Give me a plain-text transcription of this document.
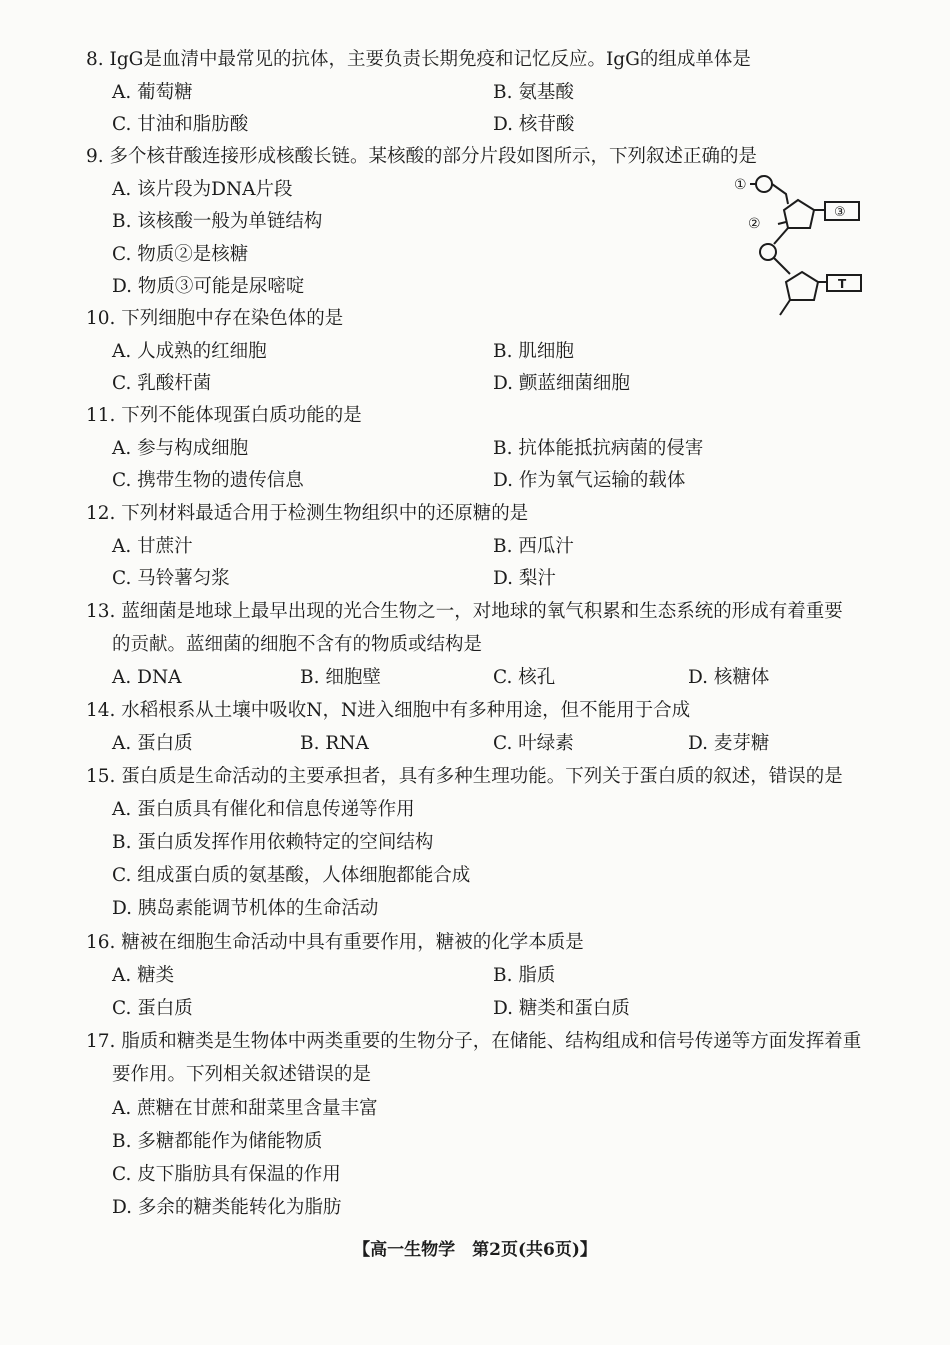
8. IgG是血清中最常见的抗体，主要负责长期免疫和记忆反应。IgG的组成单体是
A. 葡萄糖	B. 氨基酸
C. 甘油和脂肪酸	D. 核苷酸
9. 多个核苷酸连接形成核酸长链。某核酸的部分片段如图所示，下列叙述正确的是
A. 该片段为DNA片段
B. 该核酸一般为单链结构
C. 物质②是核糖
D. 物质③可能是尿嘧啶
①
②
③
T
10. 下列细胞中存在染色体的是
A. 人成熟的红细胞	B. 肌细胞
C. 乳酸杆菌	D. 颤蓝细菌细胞
11. 下列不能体现蛋白质功能的是
A. 参与构成细胞	B. 抗体能抵抗病菌的侵害
C. 携带生物的遗传信息	D. 作为氧气运输的载体
12. 下列材料最适合用于检测生物组织中的还原糖的是
A. 甘蔗汁	B. 西瓜汁
C. 马铃薯匀浆	D. 梨汁
13. 蓝细菌是地球上最早出现的光合生物之一，对地球的氧气积累和生态系统的形成有着重要
的贡献。蓝细菌的细胞不含有的物质或结构是
A. DNA	B. 细胞壁	C. 核孔	D. 核糖体
14. 水稻根系从土壤中吸收N，N进入细胞中有多种用途，但不能用于合成
A. 蛋白质	B. RNA	C. 叶绿素	D. 麦芽糖
15. 蛋白质是生命活动的主要承担者，具有多种生理功能。下列关于蛋白质的叙述，错误的是
A. 蛋白质具有催化和信息传递等作用
B. 蛋白质发挥作用依赖特定的空间结构
C. 组成蛋白质的氨基酸，人体细胞都能合成
D. 胰岛素能调节机体的生命活动
16. 糖被在细胞生命活动中具有重要作用，糖被的化学本质是
A. 糖类	B. 脂质
C. 蛋白质	D. 糖类和蛋白质
17. 脂质和糖类是生物体中两类重要的生物分子，在储能、结构组成和信号传递等方面发挥着重
要作用。下列相关叙述错误的是
A. 蔗糖在甘蔗和甜菜里含量丰富
B. 多糖都能作为储能物质
C. 皮下脂肪具有保温的作用
D. 多余的糖类能转化为脂肪
【高一生物学　第2页(共6页)】
